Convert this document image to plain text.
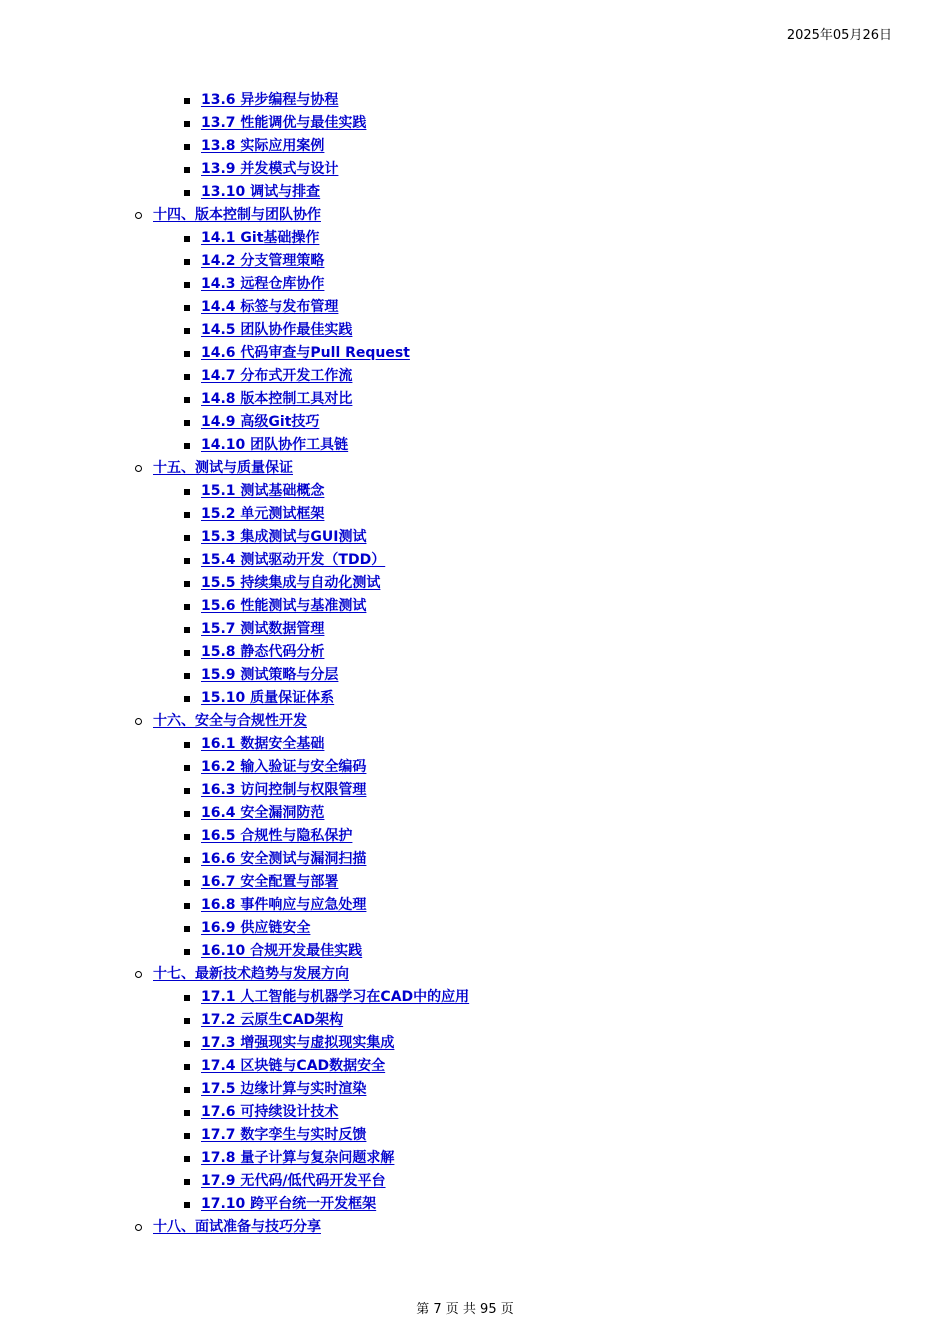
2025年05月26日
13.6 异步编程与协程
13.7 性能调优与最佳实践
13.8 实际应用案例
13.9 并发模式与设计
13.10 调试与排查
十四、版本控制与团队协作
14.1 Git基础操作
14.2 分支管理策略
14.3 远程仓库协作
14.4 标签与发布管理
14.5 团队协作最佳实践
14.6 代码审查与Pull Request
14.7 分布式开发工作流
14.8 版本控制工具对比
14.9 高级Git技巧
14.10 团队协作工具链
十五、测试与质量保证
15.1 测试基础概念
15.2 单元测试框架
15.3 集成测试与GUI测试
15.4 测试驱动开发（TDD）
15.5 持续集成与自动化测试
15.6 性能测试与基准测试
15.7 测试数据管理
15.8 静态代码分析
15.9 测试策略与分层
15.10 质量保证体系
十六、安全与合规性开发
16.1 数据安全基础
16.2 输入验证与安全编码
16.3 访问控制与权限管理
16.4 安全漏洞防范
16.5 合规性与隐私保护
16.6 安全测试与漏洞扫描
16.7 安全配置与部署
16.8 事件响应与应急处理
16.9 供应链安全
16.10 合规开发最佳实践
十七、最新技术趋势与发展方向
17.1 人工智能与机器学习在CAD中的应用
17.2 云原生CAD架构
17.3 增强现实与虚拟现实集成
17.4 区块链与CAD数据安全
17.5 边缘计算与实时渲染
17.6 可持续设计技术
17.7 数字孪生与实时反馈
17.8 量子计算与复杂问题求解
17.9 无代码/低代码开发平台
17.10 跨平台统一开发框架
十八、面试准备与技巧分享
第 7 页 共 95 页
